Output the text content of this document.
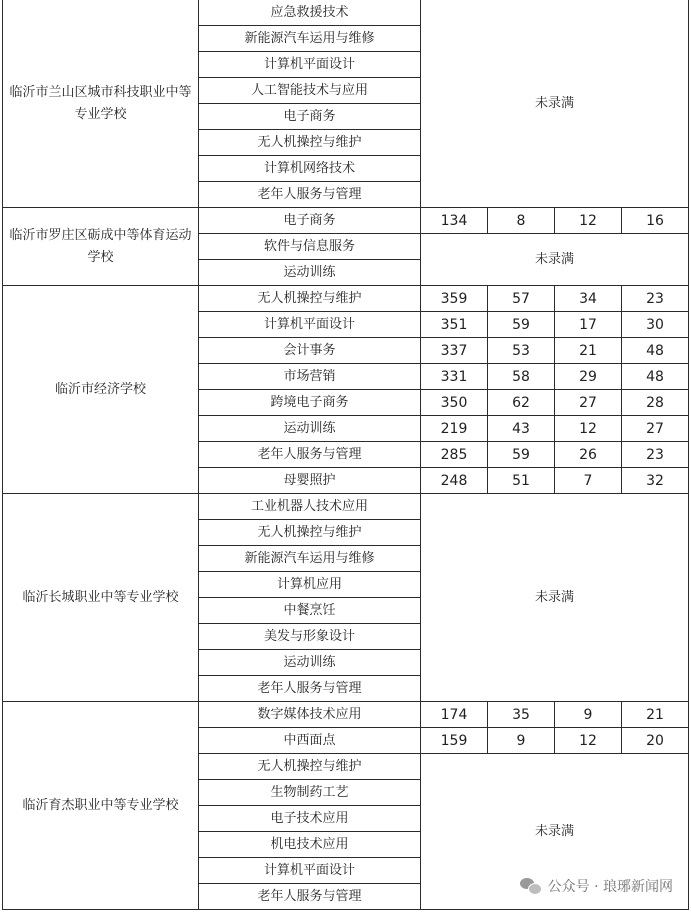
临沂市兰山区城市科技职业中等专业学校	应急救援技术	未录满			
	新能源汽车运用与维修				
	计算机平面设计				
	人工智能技术与应用				
	电子商务				
	无人机操控与维护				
	计算机网络技术				
	老年人服务与管理				
临沂市罗庄区砺成中等体育运动学校	电子商务	134	8	12	16
	软件与信息服务	未录满			
	运动训练				
临沂市经济学校	无人机操控与维护	359	57	34	23
	计算机平面设计	351	59	17	30
	会计事务	337	53	21	48
	市场营销	331	58	29	48
	跨境电子商务	350	62	27	28
	运动训练	219	43	12	27
	老年人服务与管理	285	59	26	23
	母婴照护	248	51	7	32
临沂长城职业中等专业学校	工业机器人技术应用	未录满			
	无人机操控与维护				
	新能源汽车运用与维修				
	计算机应用				
	中餐烹饪				
	美发与形象设计				
	运动训练				
	老年人服务与管理				
临沂育杰职业中等专业学校	数字媒体技术应用	174	35	9	21
	中西面点	159	9	12	20
	无人机操控与维护	未录满			
	生物制药工艺				
	电子技术应用				
	机电技术应用				
	计算机平面设计				
	老年人服务与管理				
公众号 · 琅琊新闻网
